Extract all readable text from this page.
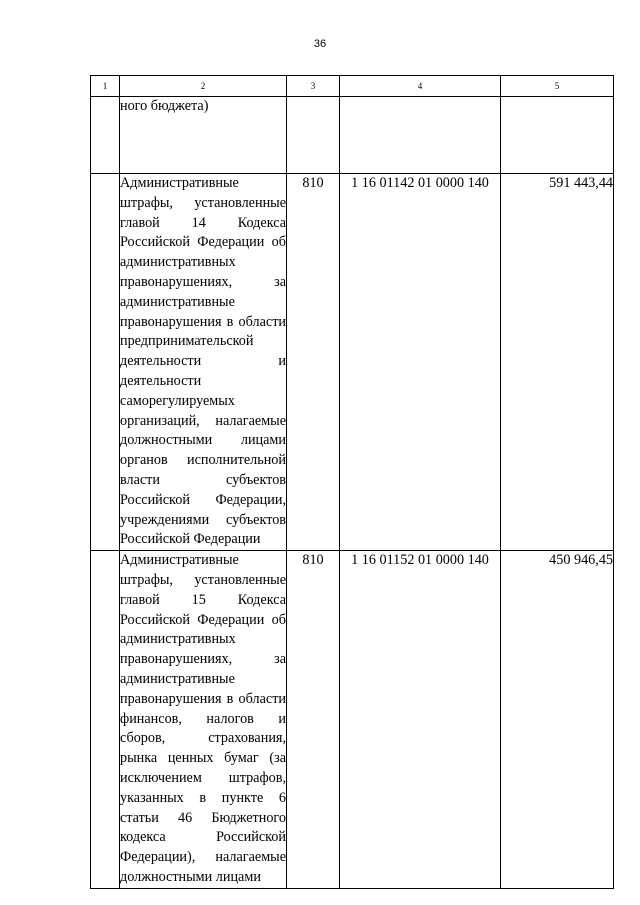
36
1	2	3	4	5
	ного бюджета)			
	Административные штрафы, установленные главой 14 Кодекса Российской Федерации об административных правонарушениях, за административные правонарушения в области предпринимательской деятельности и деятельности саморегулируемых организаций, налагаемые должностными лицами органов исполнительной власти субъектов Российской Федерации, учреждениями субъектов Российской Федерации	810	1 16 01142 01 0000 140	591 443,44
	Административные штрафы, установленные главой 15 Кодекса Российской Федерации об административных правонарушениях, за административные правонарушения в области финансов, налогов и сборов, страхования, рынка ценных бумаг (за исключением штрафов, указанных в пункте 6 статьи 46 Бюджетного кодекса Российской Федерации), налагаемые должностными лицами	810	1 16 01152 01 0000 140	450 946,45
